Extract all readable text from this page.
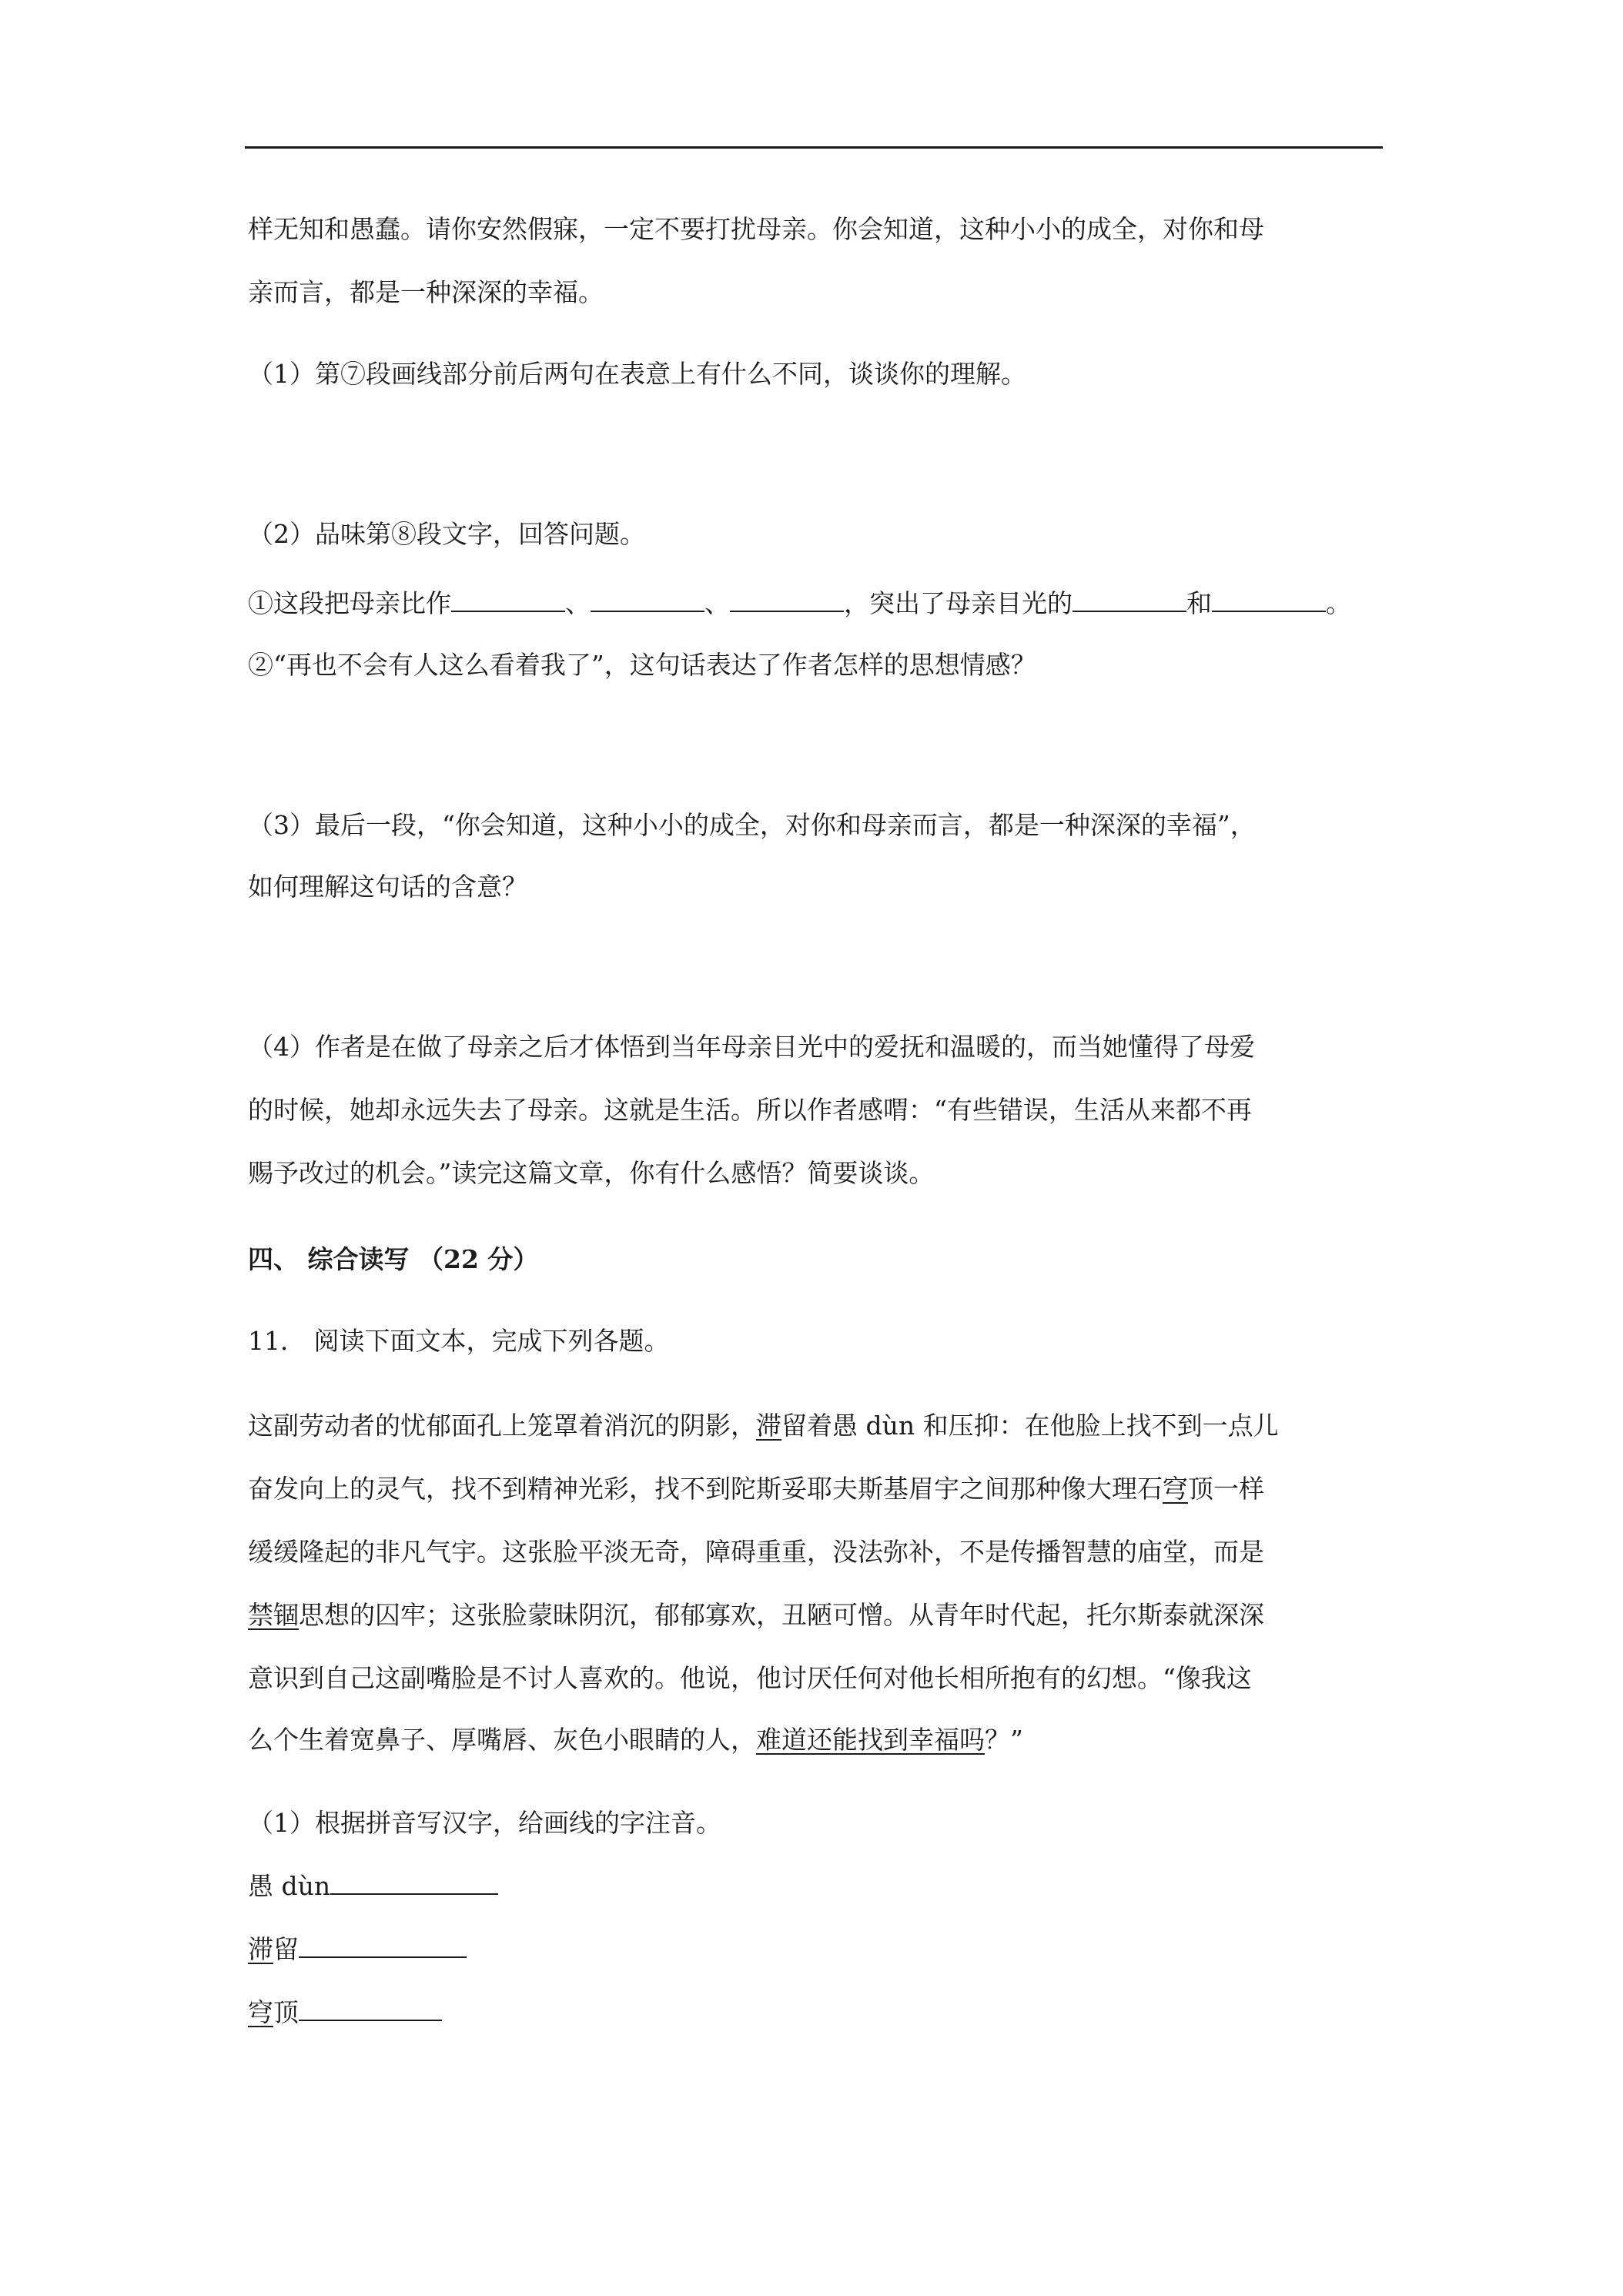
样无知和愚蠢。请你安然假寐，一定不要打扰母亲。你会知道，这种小小的成全，对你和母
亲而言，都是一种深深的幸福。
（1）第⑦段画线部分前后两句在表意上有什么不同，谈谈你的理解。
（2）品味第⑧段文字，回答问题。
①这段把母亲比作	、	、	，突出了母亲目光的	和	。
②“再也不会有人这么看着我了”，这句话表达了作者怎样的思想情感？
（3）最后一段，“你会知道，这种小小的成全，对你和母亲而言，都是一种深深的幸福”，
如何理解这句话的含意？
（4）作者是在做了母亲之后才体悟到当年母亲目光中的爱抚和温暖的，而当她懂得了母爱
的时候，她却永远失去了母亲。这就是生活。所以作者感喟：“有些错误，生活从来都不再
赐予改过的机会。”读完这篇文章，你有什么感悟？简要谈谈。
四、 综合读写 （22 分）
11． 阅读下面文本，完成下列各题。
这副劳动者的忧郁面孔上笼罩着消沉的阴影，滞留着愚 dùn 和压抑：在他脸上找不到一点儿
奋发向上的灵气，找不到精神光彩，找不到陀斯妥耶夫斯基眉宇之间那种像大理石穹顶一样
缓缓隆起的非凡气宇。这张脸平淡无奇，障碍重重，没法弥补，不是传播智慧的庙堂，而是
禁锢思想的囚牢；这张脸蒙昧阴沉，郁郁寡欢，丑陋可憎。从青年时代起，托尔斯泰就深深
意识到自己这副嘴脸是不讨人喜欢的。他说，他讨厌任何对他长相所抱有的幻想。“像我这
么个生着宽鼻子、厚嘴唇、灰色小眼睛的人，难道还能找到幸福吗？”
（1）根据拼音写汉字，给画线的字注音。
愚 dùn
滞留
穹顶
